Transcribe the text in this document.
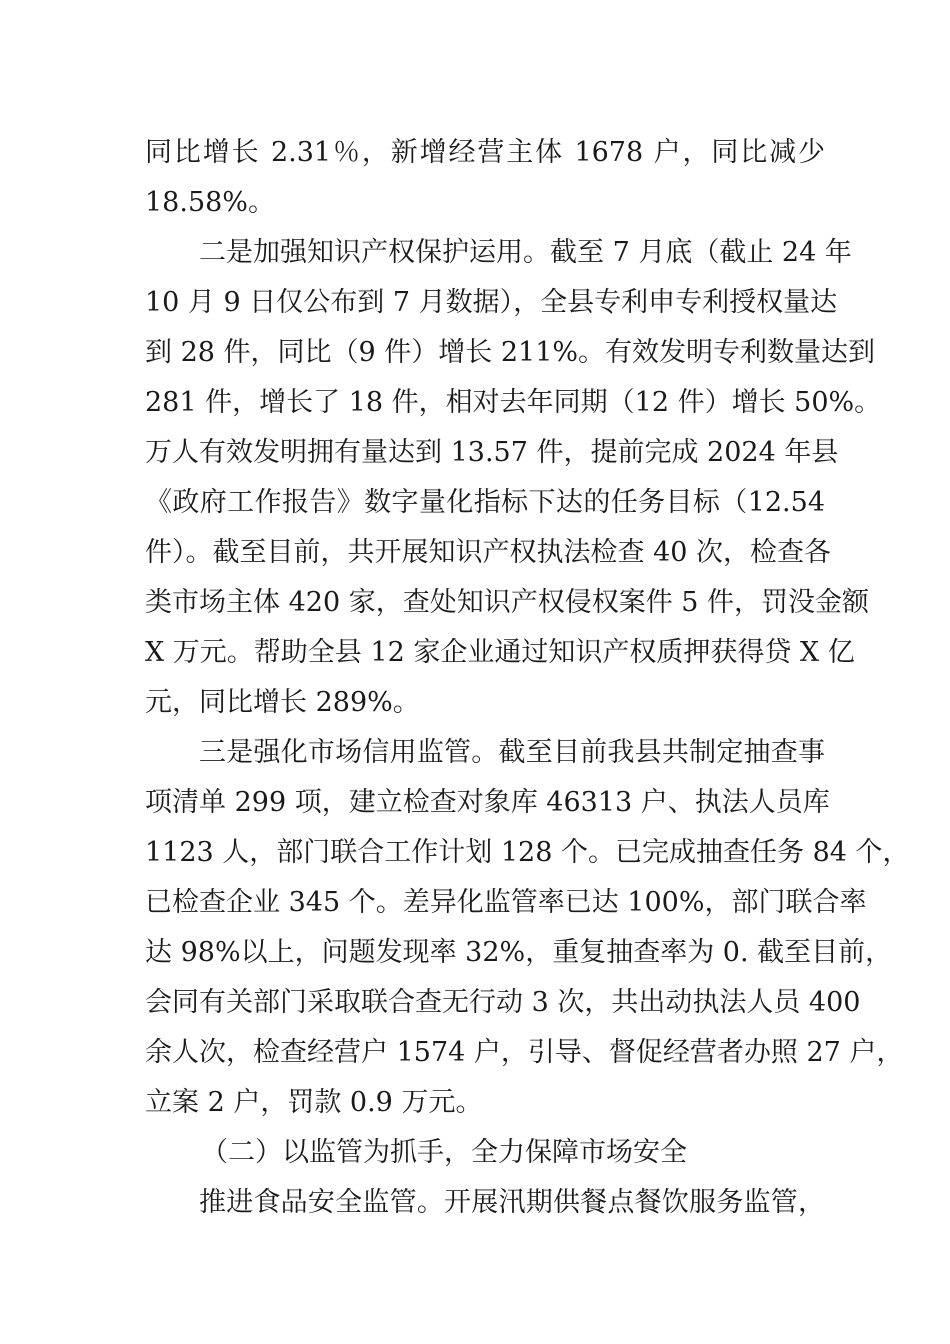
同比增长 2.31％，新增经营主体 1678 户，同比减少
18.58%。
二是加强知识产权保护运用。截至 7 月底（截止 24 年
10 月 9 日仅公布到 7 月数据），全县专利申专利授权量达
到 28 件，同比（9 件）增长 211%。有效发明专利数量达到
281 件，增长了 18 件，相对去年同期（12 件）增长 50%。
万人有效发明拥有量达到 13.57 件，提前完成 2024 年县
《政府工作报告》数字量化指标下达的任务目标（12.54
件）。截至目前，共开展知识产权执法检查 40 次，检查各
类市场主体 420 家，查处知识产权侵权案件 5 件，罚没金额
X 万元。帮助全县 12 家企业通过知识产权质押获得贷 X 亿
元，同比增长 289%。
三是强化市场信用监管。截至目前我县共制定抽查事
项清单 299 项，建立检查对象库 46313 户、执法人员库
1123 人，部门联合工作计划 128 个。已完成抽查任务 84 个，
已检查企业 345 个。差异化监管率已达 100%，部门联合率
达 98%以上，问题发现率 32%，重复抽查率为 0. 截至目前，
会同有关部门采取联合查无行动 3 次，共出动执法人员 400
余人次，检查经营户 1574 户，引导、督促经营者办照 27 户，
立案 2 户，罚款 0.9 万元。
（二）以监管为抓手，全力保障市场安全
推进食品安全监管。开展汛期供餐点餐饮服务监管，
